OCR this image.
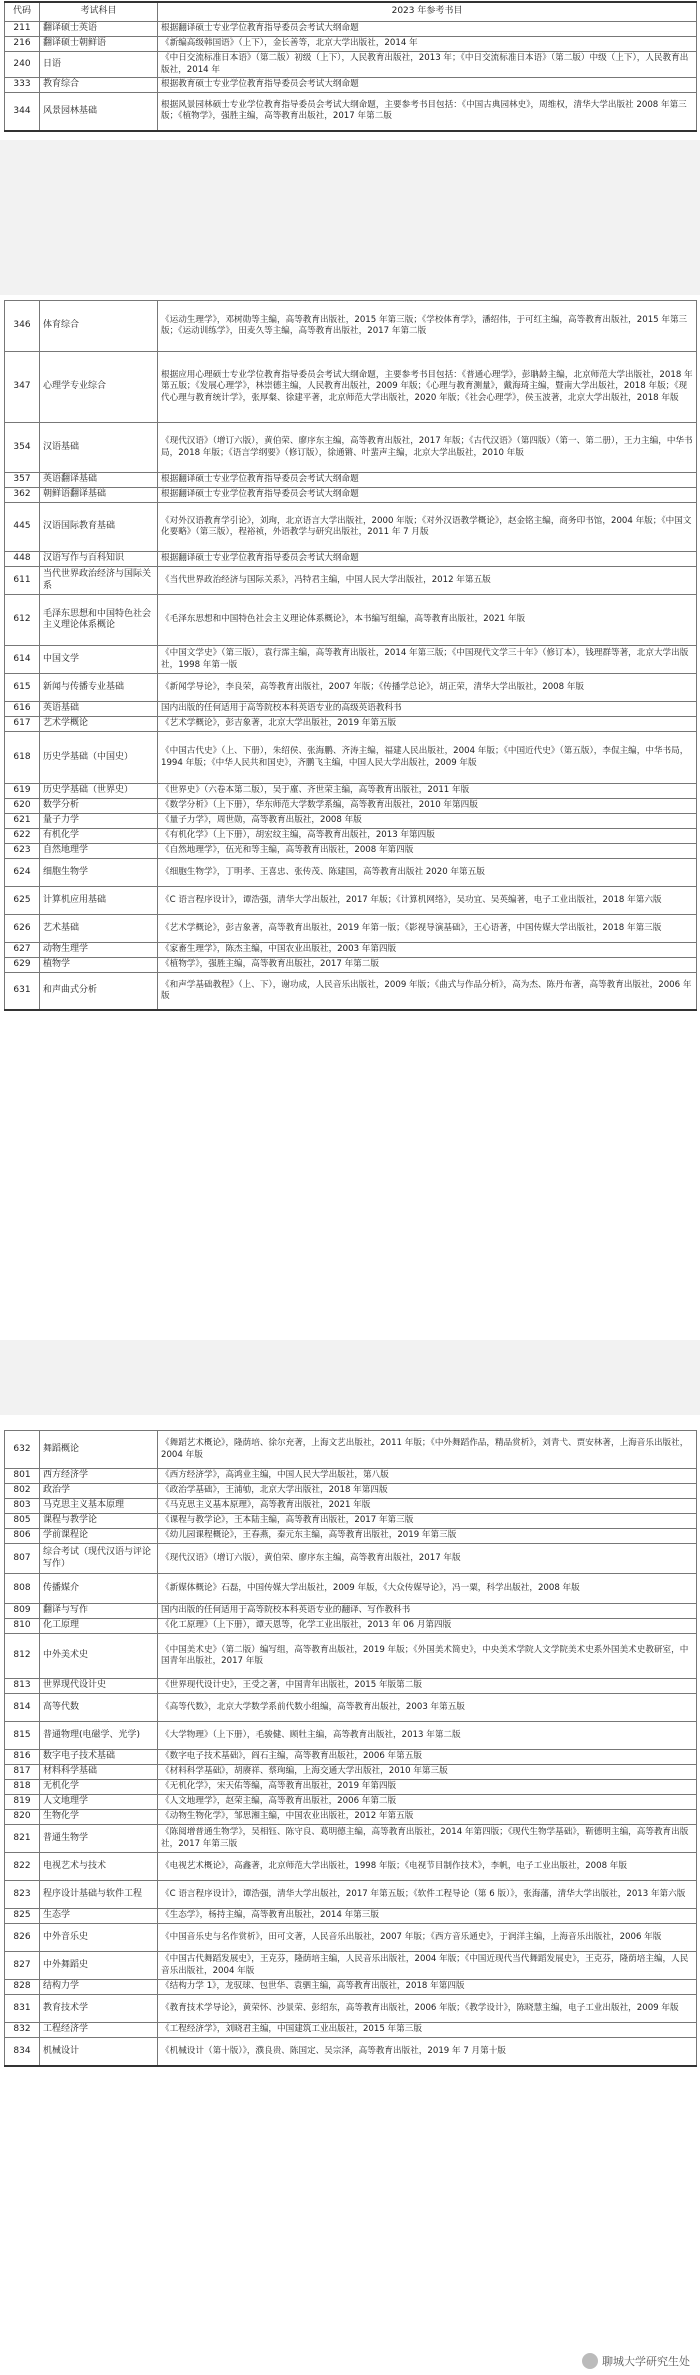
代码	考试科目	2023 年参考书目
211	翻译硕士英语	根据翻译硕士专业学位教育指导委员会考试大纲命题
216	翻译硕士朝鲜语	《新编高级韩国语》（上下），金长善等，北京大学出版社，2014 年
240	日语	《中日交流标准日本语》（第二版）初级（上下），人民教育出版社，2013 年；《中日交流标准日本语》（第二版）中级（上下），人民教育出版社，2014 年
333	教育综合	根据教育硕士专业学位教育指导委员会考试大纲命题
344	风景园林基础	根据风景园林硕士专业学位教育指导委员会考试大纲命题，主要参考书目包括：《中国古典园林史》，周维权，清华大学出版社 2008 年第三版；《植物学》，强胜主编，高等教育出版社，2017 年第二版
346	体育综合	《运动生理学》，邓树勋等主编，高等教育出版社，2015 年第三版；《学校体育学》，潘绍伟，于可红主编，高等教育出版社，2015 年第三版；《运动训练学》，田麦久等主编，高等教育出版社，2017 年第二版
347	心理学专业综合	根据应用心理硕士专业学位教育指导委员会考试大纲命题，主要参考书目包括：《普通心理学》，彭聃龄主编，北京师范大学出版社，2018 年第五版；《发展心理学》，林崇德主编，人民教育出版社，2009 年版；《心理与教育测量》，戴海琦主编，暨南大学出版社，2018 年版；《现代心理与教育统计学》，张厚粲、徐建平著，北京师范大学出版社，2020 年版；《社会心理学》，侯玉波著，北京大学出版社，2018 年版
354	汉语基础	《现代汉语》（增订六版），黄伯荣、廖序东主编，高等教育出版社，2017 年版；《古代汉语》（第四版）（第一、第二册），王力主编，中华书局，2018 年版；《语言学纲要》（修订版），徐通锵、叶蜚声主编，北京大学出版社，2010 年版
357	英语翻译基础	根据翻译硕士专业学位教育指导委员会考试大纲命题
362	朝鲜语翻译基础	根据翻译硕士专业学位教育指导委员会考试大纲命题
445	汉语国际教育基础	《对外汉语教育学引论》，刘珣，北京语言大学出版社，2000 年版；《对外汉语教学概论》，赵金铭主编，商务印书馆，2004 年版；《中国文化要略》（第三版），程裕祯，外语教学与研究出版社，2011 年 7 月版
448	汉语写作与百科知识	根据翻译硕士专业学位教育指导委员会考试大纲命题
611	当代世界政治经济与国际关系	《当代世界政治经济与国际关系》，冯特君主编，中国人民大学出版社，2012 年第五版
612	毛泽东思想和中国特色社会主义理论体系概论	《毛泽东思想和中国特色社会主义理论体系概论》，本书编写组编，高等教育出版社，2021 年版
614	中国文学	《中国文学史》（第三版），袁行霈主编，高等教育出版社，2014 年第三版；《中国现代文学三十年》（修订本），钱理群等著，北京大学出版社，1998 年第一版
615	新闻与传播专业基础	《新闻学导论》，李良荣，高等教育出版社，2007 年版；《传播学总论》，胡正荣，清华大学出版社，2008 年版
616	英语基础	国内出版的任何适用于高等院校本科英语专业的高级英语教科书
617	艺术学概论	《艺术学概论》，彭吉象著，北京大学出版社，2019 年第五版
618	历史学基础（中国史）	《中国古代史》（上、下册），朱绍侯、张海鹏、齐涛主编，福建人民出版社，2004 年版；《中国近代史》（第五版），李侃主编，中华书局，1994 年版；《中华人民共和国史》，齐鹏飞主编，中国人民大学出版社，2009 年版
619	历史学基础（世界史）	《世界史》（六卷本第二版），吴于廑、齐世荣主编，高等教育出版社，2011 年版
620	数学分析	《数学分析》（上下册），华东师范大学数学系编，高等教育出版社，2010 年第四版
621	量子力学	《量子力学》，周世勋，高等教育出版社，2008 年版
622	有机化学	《有机化学》（上下册），胡宏纹主编，高等教育出版社，2013 年第四版
623	自然地理学	《自然地理学》，伍光和等主编，高等教育出版社，2008 年第四版
624	细胞生物学	《细胞生物学》，丁明孝、王喜忠、张传茂、陈建国，高等教育出版社 2020 年第五版
625	计算机应用基础	《C 语言程序设计》，谭浩强，清华大学出版社，2017 年版；《计算机网络》，吴功宜、吴英编著，电子工业出版社，2018 年第六版
626	艺术基础	《艺术学概论》，彭吉象著，高等教育出版社，2019 年第一版；《影视导演基础》，王心语著，中国传媒大学出版社，2018 年第三版
627	动物生理学	《家畜生理学》，陈杰主编，中国农业出版社，2003 年第四版
629	植物学	《植物学》，强胜主编，高等教育出版社，2017 年第二版
631	和声曲式分析	《和声学基础教程》（上、下），谢功成，人民音乐出版社，2009 年版；《曲式与作品分析》，高为杰、陈丹布著，高等教育出版社，2006 年版
632	舞蹈概论	《舞蹈艺术概论》，隆荫培、徐尔充著，上海文艺出版社，2011 年版；《中外舞蹈作品，精品赏析》，刘青弋、贾安林著，上海音乐出版社，2004 年版
801	西方经济学	《西方经济学》，高鸿业主编，中国人民大学出版社，第八版
802	政治学	《政治学基础》，王浦劬，北京大学出版社，2018 年第四版
803	马克思主义基本原理	《马克思主义基本原理》，高等教育出版社，2021 年版
805	课程与教学论	《课程与教学论》，王本陆主编，高等教育出版社，2017 年第三版
806	学前课程论	《幼儿园课程概论》，王春燕，秦元东主编，高等教育出版社，2019 年第三版
807	综合考试（现代汉语与评论写作）	《现代汉语》（增订六版），黄伯荣、廖序东主编，高等教育出版社，2017 年版
808	传播媒介	《新媒体概论》石磊，中国传媒大学出版社，2009 年版，《大众传媒导论》，冯一粟，科学出版社，2008 年版
809	翻译与写作	国内出版的任何适用于高等院校本科英语专业的翻译、写作教科书
810	化工原理	《化工原理》（上下册），谭天恩等，化学工业出版社，2013 年 06 月第四版
812	中外美术史	《中国美术史》（第二版）编写组，高等教育出版社，2019 年版；《外国美术简史》，中央美术学院人文学院美术史系外国美术史教研室，中国青年出版社，2017 年版
813	世界现代设计史	《世界现代设计史》，王受之著，中国青年出版社，2015 年版第二版
814	高等代数	《高等代数》，北京大学数学系前代数小组编，高等教育出版社，2003 年第五版
815	普通物理(电磁学、光学)	《大学物理》（上下册），毛骏健、顾牡主编，高等教育出版社，2013 年第二版
816	数字电子技术基础	《数字电子技术基础》，阎石主编，高等教育出版社，2006 年第五版
817	材料科学基础	《材料科学基础》，胡赓祥、蔡珣编，上海交通大学出版社，2010 年第三版
818	无机化学	《无机化学》，宋天佑等编，高等教育出版社，2019 年第四版
819	人文地理学	《人文地理学》，赵荣主编，高等教育出版社，2006 年第二版
820	生物化学	《动物生物化学》，邹思湘主编，中国农业出版社，2012 年第五版
821	普通生物学	《陈阅增普通生物学》，吴相钰、陈守良、葛明德主编，高等教育出版社，2014 年第四版；《现代生物学基础》，靳德明主编，高等教育出版社，2017 年第三版
822	电视艺术与技术	《电视艺术概论》，高鑫著，北京师范大学出版社，1998 年版；《电视节目制作技术》，李帆，电子工业出版社，2008 年版
823	程序设计基础与软件工程	《C 语言程序设计》，谭浩强，清华大学出版社，2017 年第五版；《软件工程导论（第 6 版）》，张海藩，清华大学出版社，2013 年第六版
825	生态学	《生态学》，杨持主编，高等教育出版社，2014 年第三版
826	中外音乐史	《中国音乐史与名作赏析》，田可文著，人民音乐出版社，2007 年版；《西方音乐通史》，于润洋主编，上海音乐出版社，2006 年版
827	中外舞蹈史	《中国古代舞蹈发展史》，王克芬，隆荫培主编，人民音乐出版社，2004 年版；《中国近现代当代舞蹈发展史》，王克芬，隆荫培主编，人民音乐出版社，2004 年版
828	结构力学	《结构力学 1》，龙驭球、包世华、袁驷主编，高等教育出版社，2018 年第四版
831	教育技术学	《教育技术学导论》，黄荣怀、沙景荣、彭绍东，高等教育出版社，2006 年版；《教学设计》，陈晓慧主编，电子工业出版社，2009 年版
832	工程经济学	《工程经济学》，刘晓君主编，中国建筑工业出版社，2015 年第三版
834	机械设计	《机械设计（第十版）》，濮良贵、陈国定、吴宗泽，高等教育出版社，2019 年 7 月第十版
聊城大学研究生处
